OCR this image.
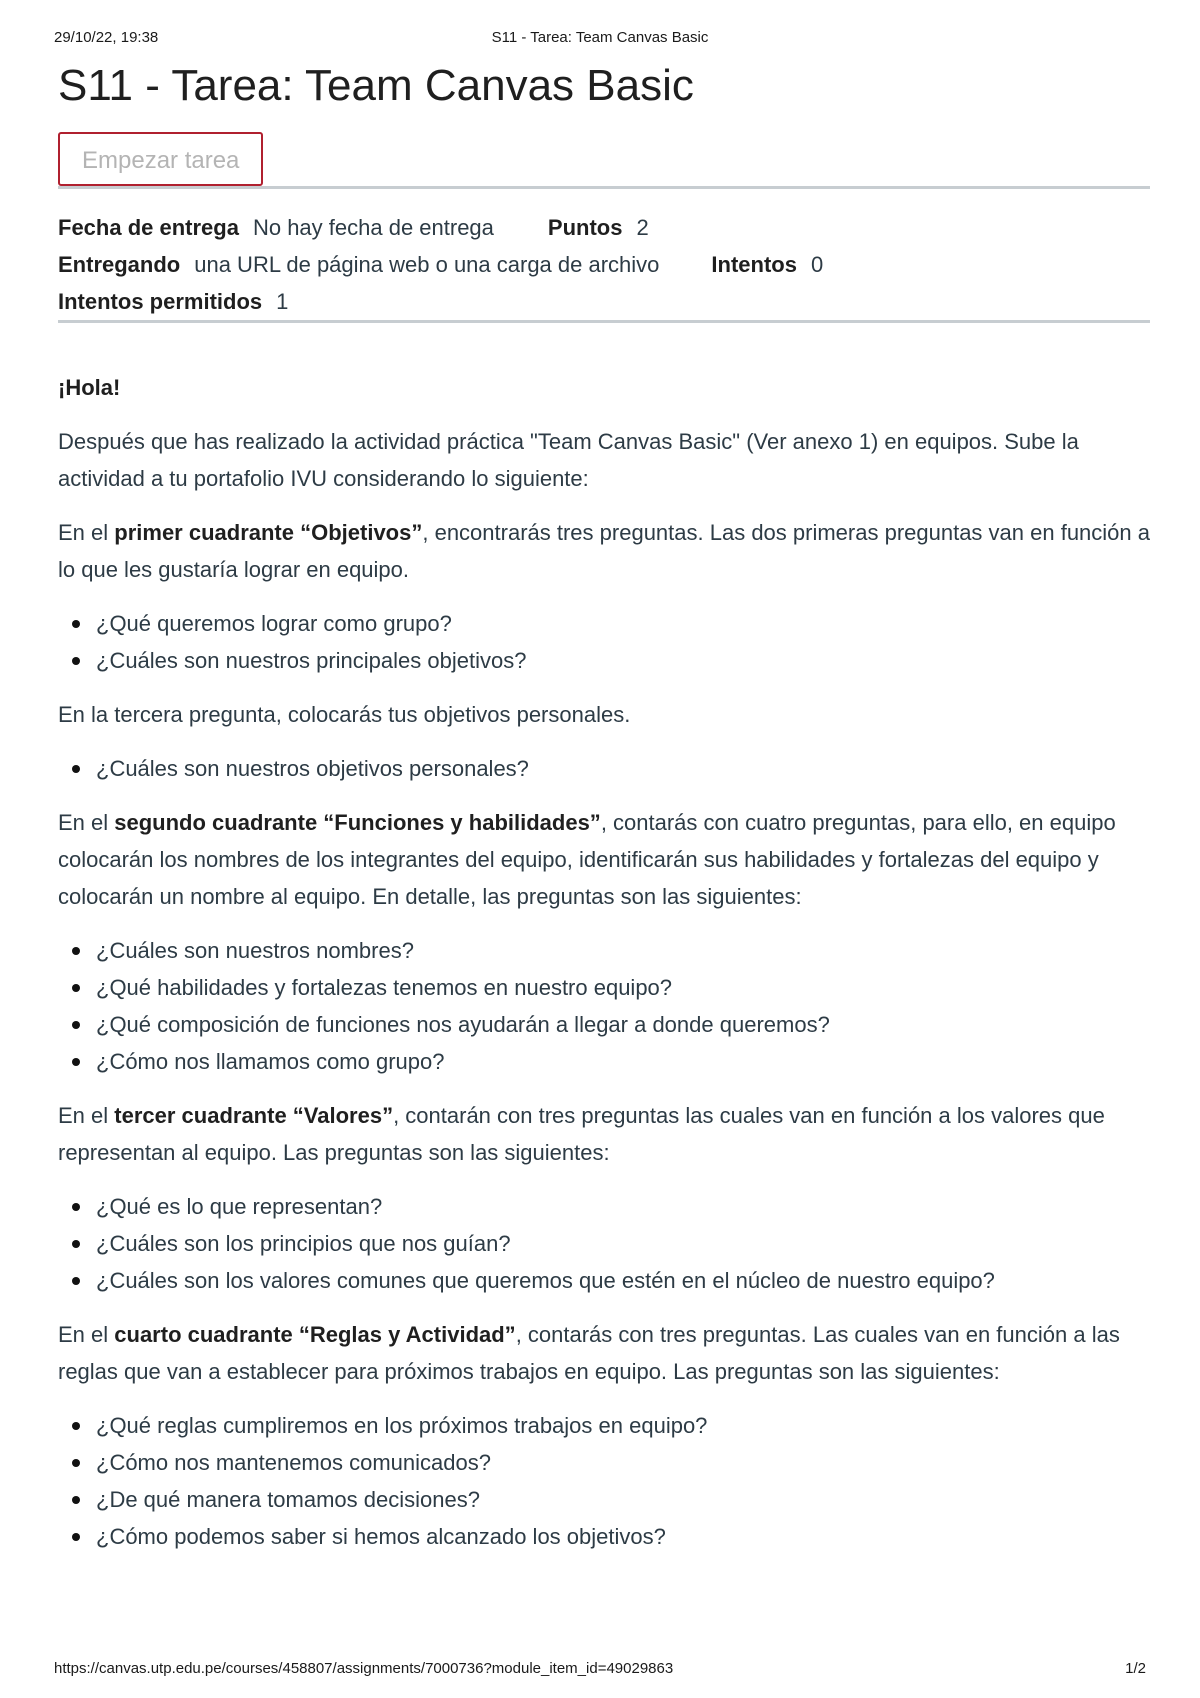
29/10/22, 19:38	S11 - Tarea: Team Canvas Basic
S11 - Tarea: Team Canvas Basic
Empezar tarea
Fecha de entrega No hay fecha de entrega Puntos 2
Entregando una URL de página web o una carga de archivo Intentos 0
Intentos permitidos 1

¡Hola!

Después que has realizado la actividad práctica "Team Canvas Basic" (Ver anexo 1) en equipos. Sube la actividad a tu portafolio IVU considerando lo siguiente:

En el primer cuadrante “Objetivos”, encontrarás tres preguntas. Las dos primeras preguntas van en función a lo que les gustaría lograr en equipo.

¿Qué queremos lograr como grupo?
¿Cuáles son nuestros principales objetivos?

En la tercera pregunta, colocarás tus objetivos personales.

¿Cuáles son nuestros objetivos personales?

En el segundo cuadrante “Funciones y habilidades”, contarás con cuatro preguntas, para ello, en equipo colocarán los nombres de los integrantes del equipo, identificarán sus habilidades y fortalezas del equipo y colocarán un nombre al equipo. En detalle, las preguntas son las siguientes:

¿Cuáles son nuestros nombres?
¿Qué habilidades y fortalezas tenemos en nuestro equipo?
¿Qué composición de funciones nos ayudarán a llegar a donde queremos?
¿Cómo nos llamamos como grupo?

En el tercer cuadrante “Valores”, contarán con tres preguntas las cuales van en función a los valores que representan al equipo. Las preguntas son las siguientes:

¿Qué es lo que representan?
¿Cuáles son los principios que nos guían?
¿Cuáles son los valores comunes que queremos que estén en el núcleo de nuestro equipo?

En el cuarto cuadrante “Reglas y Actividad”, contarás con tres preguntas. Las cuales van en función a las reglas que van a establecer para próximos trabajos en equipo. Las preguntas son las siguientes:

¿Qué reglas cumpliremos en los próximos trabajos en equipo?
¿Cómo nos mantenemos comunicados?
¿De qué manera tomamos decisiones?
¿Cómo podemos saber si hemos alcanzado los objetivos?
https://canvas.utp.edu.pe/courses/458807/assignments/7000736?module_item_id=49029863	1/2
